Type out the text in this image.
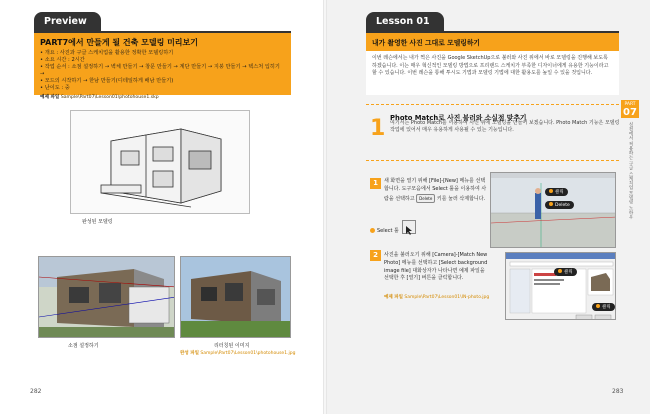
Preview
PART7에서 만들게 될 건축 모델링 미리보기
• 개요 : 사진과 구글 스케치업을 활용한 정확한 모델링하기
• 소요 시간 : 2시간
• 작업 순서 : 소점 설정하기 → 벽체 만들기 → 창문 만들기 → 계단 만들기 → 지붕 만들기 → 텍스처 입히기 →
• 모드의 시작하기 → 한남 만들기(디테일하게 배남 만들기)
• 난이도 : 중
예제 파일 Sample\Part07\Lesson01\photohouse1.skp
완성된 모델링
소점 설정하기	리터칭된 이미지
완성 파일 Sample\Part07\Lesson01\photohouse1.jpg
282
Lesson 01
내가 촬영한 사진 그대로 모델링하기
이번 레슨에서는 내가 찍은 사진을 Google SketchUp으로 불러와 사진 위에서 바로 모델링을 진행해 보도록 하겠습니다. 이는 매우 혁신적인 모델링 방법으로 프리랜드 스케치가 부족한 디자이너에게 유용한 기능이라고 할 수 있습니다. 이번 레슨을 통해 투시도 기법과 모델링 기법에 대한 활용도를 높일 수 있을 것입니다.
1 Photo Match로 사진 불러와 소실점 맞추기
여기서는 Photo Match를 이용하여 사진 위에 모델링을 만들어 보겠습니다. Photo Match 기능은 모델링 작업에 있어서 매우 유용하게 사용될 수 있는 기능입니다.
1	새 화면을 열기 위해 [File]-[New] 메뉴를 선택합니다. 도구모음에서 Select 툴을 이용하여 사람을 선택하고 Delete 키를 눌러 삭제합니다.
Select 툴
클릭
Delete
2	사진을 불러오기 위해 [Camera]-[Match New Photo] 메뉴를 선택하고 [Select background image file] 대화상자가 나타나면 예제 파일을 선택한 후 [열기] 버튼을 클릭합니다.
예제 파일 Sample\Part07\Lesson01\IN-photo.jpg
클릭
클릭
PART
07
실전에서 적용하는 구글 스케치업 모델링 노하우
283
